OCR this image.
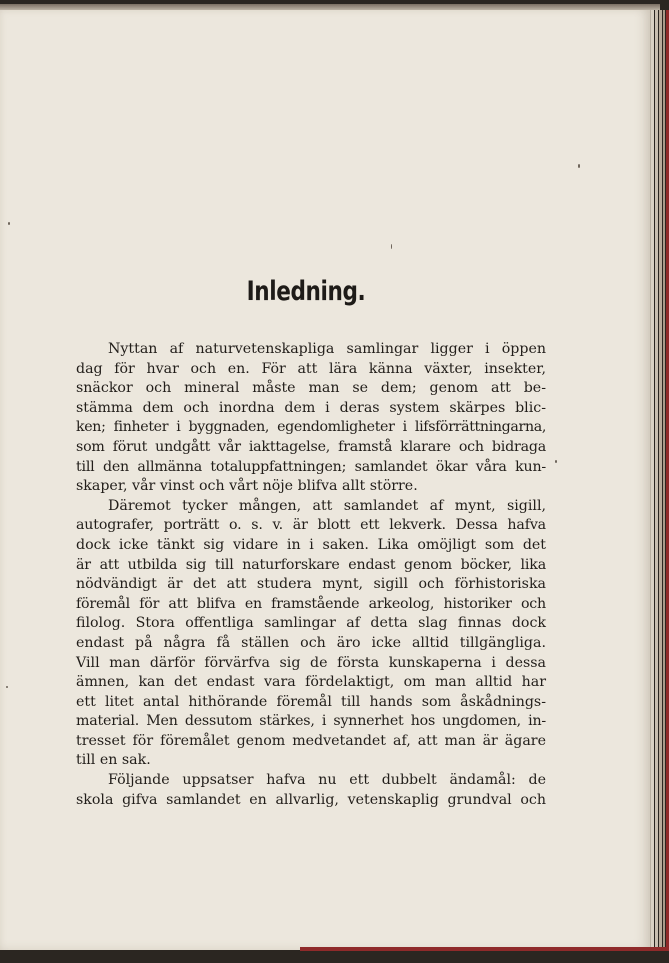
Inledning.
Nyttan af naturvetenskapliga samlingar ligger i öppen
dag för hvar och en. För att lära känna växter, insekter,
snäckor och mineral måste man se dem; genom att be-
stämma dem och inordna dem i deras system skärpes blic-
ken; finheter i byggnaden, egendomligheter i lifsförrättningarna,
som förut undgått vår iakttagelse, framstå klarare och bidraga
till den allmänna totaluppfattningen; samlandet ökar våra kun-
skaper, vår vinst och vårt nöje blifva allt större.
Däremot tycker mången, att samlandet af mynt, sigill,
autografer, porträtt o. s. v. är blott ett lekverk. Dessa hafva
dock icke tänkt sig vidare in i saken. Lika omöjligt som det
är att utbilda sig till naturforskare endast genom böcker, lika
nödvändigt är det att studera mynt, sigill och förhistoriska
föremål för att blifva en framstående arkeolog, historiker och
filolog. Stora offentliga samlingar af detta slag finnas dock
endast på några få ställen och äro icke alltid tillgängliga.
Vill man därför förvärfva sig de första kunskaperna i dessa
ämnen, kan det endast vara fördelaktigt, om man alltid har
ett litet antal hithörande föremål till hands som åskådnings-
material. Men dessutom stärkes, i synnerhet hos ungdomen, in-
tresset för föremålet genom medvetandet af, att man är ägare
till en sak.
Följande uppsatser hafva nu ett dubbelt ändamål: de
skola gifva samlandet en allvarlig, vetenskaplig grundval och
